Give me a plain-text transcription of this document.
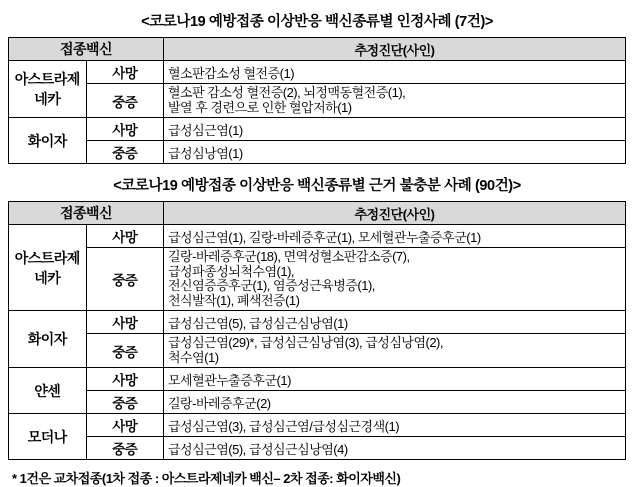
<코로나19 예방접종 이상반응 백신종류별 인정사례 (7건)>
접종백신		추정진단(사인)
아스트라제네카	사망	혈소판감소성 혈전증(1)
	중증	혈소판 감소성 혈전증(2), 뇌정맥동혈전증(1),
발열 후 경련으로 인한 혈압저하(1)

화이자	사망	급성심근염(1)
	중증	급성심낭염(1)
<코로나19 예방접종 이상반응 백신종류별 근거 불충분 사례 (90건)>
접종백신		추정진단(사인)
아스트라제네카	사망	급성심근염(1), 길랑-바레증후군(1), 모세혈관누출증후군(1)
	중증	길랑-바레증후군(18), 면역성혈소판감소증(7),
급성파종성뇌척수염(1),
전신염증증후군(1), 염증성근육병증(1),
천식발작(1), 폐색전증(1)

화이자	사망	급성심근염(5), 급성심근심낭염(1)
	중증	급성심근염(29)*, 급성심근심낭염(3), 급성심낭염(2),
척수염(1)

얀센	사망	모세혈관누출증후군(1)
	중증	길랑-바레증후군(2)
모더나	사망	급성심근염(3), 급성심근염/급성심근경색(1)
	중증	급성심근염(5), 급성심근심낭염(4)
* 1건은 교차접종(1차 접종 : 아스트라제네카 백신– 2차 접종: 화이자백신)
